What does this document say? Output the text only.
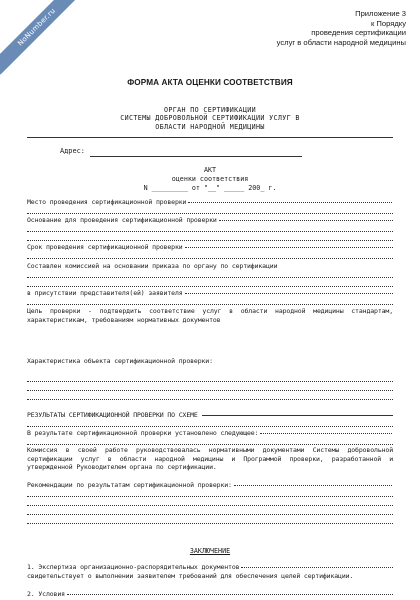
NoNumber.ru	Приложение 3
к Порядку
проведения сертификации
услуг в области народной медицины
ФОРМА АКТА ОЦЕНКИ СООТВЕТСТВИЯ
ОРГАН ПО СЕРТИФИКАЦИИ
СИСТЕМЫ ДОБРОВОЛЬНОЙ СЕРТИФИКАЦИИ УСЛУГ В
ОБЛАСТИ НАРОДНОЙ МЕДИЦИНЫ
Адрес:
АКТ
оценки соответствия
N _________ от "__" _____ 200_ г.
Место проведения сертификационной проверки
Основание для проведения сертификационной проверки
Срок проведения сертификационной проверки
Составлен комиссией на основании приказа по органу по сертификации
в присутствии представителя(ей) заявителя
Цель проверки - подтвердить соответствие услуг в области народной медицины стандартам, характеристикам, требованиям нормативных документов
Характеристика объекта сертификационной проверки:
РЕЗУЛЬТАТЫ СЕРТИФИКАЦИОННОЙ ПРОВЕРКИ ПО СХЕМЕ
В результате сертификационной проверки установлено следующее:
Комиссия в своей работе руководствовалась нормативными документами Системы добровольной сертификации услуг в области народной медицины и Программой проверки, разработанной и утвержденной Руководителем органа по сертификации.
Рекомендации по результатам сертификационной проверки:
ЗАКЛЮЧЕНИЕ
1. Экспертиза организационно-распорядительных документов
свидетельствует о выполнении заявителем требований для обеспечения целей сертификации.
2. Условия
